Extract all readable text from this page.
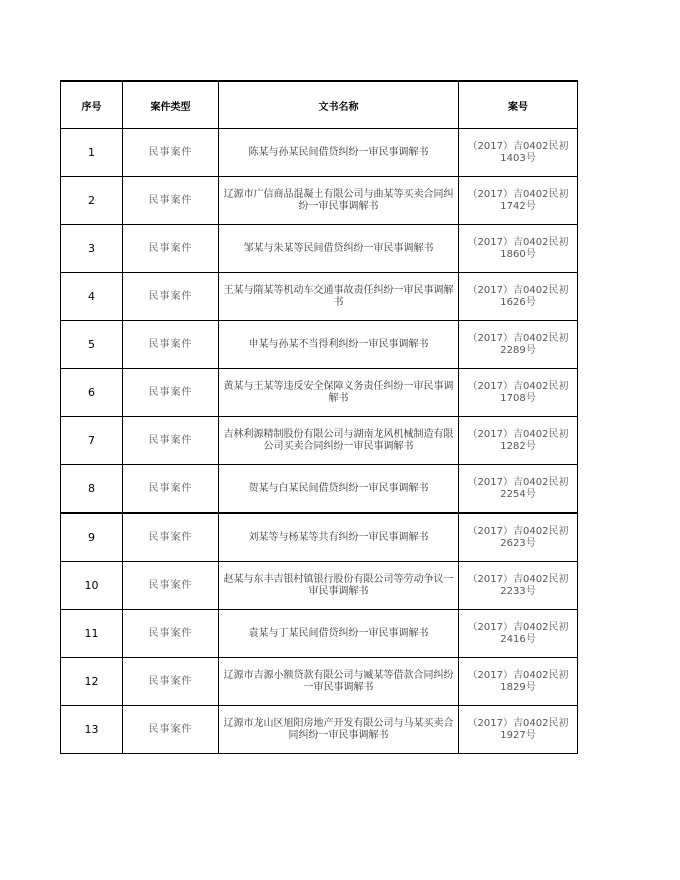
序号	案件类型	文书名称	案号
1	民事案件	陈某与孙某民间借贷纠纷一审民事调解书	（2017）吉0402民初1403号
2	民事案件	辽源市广信商品混凝土有限公司与曲某等买卖合同纠纷一审民事调解书	（2017）吉0402民初1742号
3	民事案件	邹某与朱某等民间借贷纠纷一审民事调解书	（2017）吉0402民初1860号
4	民事案件	王某与隋某等机动车交通事故责任纠纷一审民事调解书	（2017）吉0402民初1626号
5	民事案件	申某与孙某不当得利纠纷一审民事调解书	（2017）吉0402民初2289号
6	民事案件	黄某与王某等违反安全保障义务责任纠纷一审民事调解书	（2017）吉0402民初1708号
7	民事案件	吉林利源精制股份有限公司与湖南龙风机械制造有限公司买卖合同纠纷一审民事调解书	（2017）吉0402民初1282号
8	民事案件	贺某与白某民间借贷纠纷一审民事调解书	（2017）吉0402民初2254号
9	民事案件	刘某等与杨某等共有纠纷一审民事调解书	（2017）吉0402民初2623号
10	民事案件	赵某与东丰吉银村镇银行股份有限公司等劳动争议一审民事调解书	（2017）吉0402民初2233号
11	民事案件	袁某与丁某民间借贷纠纷一审民事调解书	（2017）吉0402民初2416号
12	民事案件	辽源市吉源小额贷款有限公司与臧某等借款合同纠纷一审民事调解书	（2017）吉0402民初1829号
13	民事案件	辽源市龙山区旭阳房地产开发有限公司与马某买卖合同纠纷一审民事调解书	（2017）吉0402民初1927号
